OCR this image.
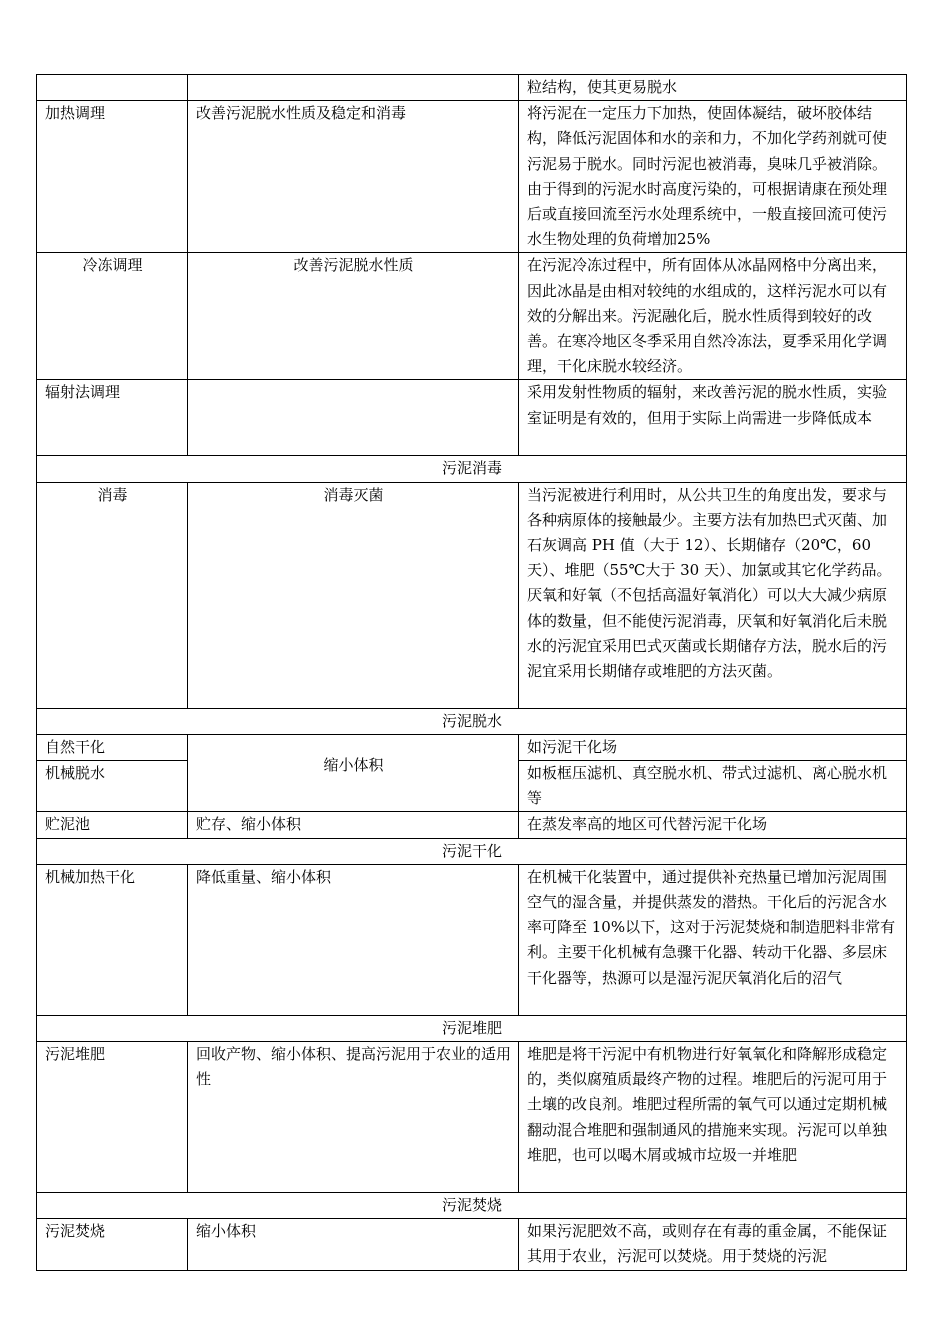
		粒结构，使其更易脱水
加热调理	改善污泥脱水性质及稳定和消毒	将污泥在一定压力下加热，使固体凝结，破坏胶体结构，降低污泥固体和水的亲和力，不加化学药剂就可使污泥易于脱水。同时污泥也被消毒，臭味几乎被消除。由于得到的污泥水时高度污染的，可根据请康在预处理后或直接回流至污水处理系统中，一般直接回流可使污水生物处理的负荷增加25%
冷冻调理	改善污泥脱水性质	在污泥冷冻过程中，所有固体从冰晶网格中分离出来，因此冰晶是由相对较纯的水组成的，这样污泥水可以有效的分解出来。污泥融化后，脱水性质得到较好的改善。在寒冷地区冬季采用自然冷冻法，夏季采用化学调理，干化床脱水较经济。
辐射法调理		采用发射性物质的辐射，来改善污泥的脱水性质，实验室证明是有效的，但用于实际上尚需进一步降低成本
污泥消毒		
消毒	消毒灭菌	当污泥被进行利用时，从公共卫生的角度出发，要求与各种病原体的接触最少。主要方法有加热巴式灭菌、加石灰调高 PH 值（大于 12）、长期储存（20℃，60 天）、堆肥（55℃大于 30 天）、加氯或其它化学药品。厌氧和好氧（不包括高温好氧消化）可以大大减少病原体的数量，但不能使污泥消毒，厌氧和好氧消化后未脱水的污泥宜采用巴式灭菌或长期储存方法，脱水后的污泥宜采用长期储存或堆肥的方法灭菌。
污泥脱水		
自然干化	缩小体积	如污泥干化场
机械脱水		如板框压滤机、真空脱水机、带式过滤机、离心脱水机等
贮泥池	贮存、缩小体积	在蒸发率高的地区可代替污泥干化场
污泥干化		
机械加热干化	降低重量、缩小体积	在机械干化装置中，通过提供补充热量已增加污泥周围空气的湿含量，并提供蒸发的潜热。干化后的污泥含水率可降至 10%以下，这对于污泥焚烧和制造肥料非常有利。主要干化机械有急骤干化器、转动干化器、多层床干化器等，热源可以是湿污泥厌氧消化后的沼气
污泥堆肥		
污泥堆肥	回收产物、缩小体积、提高污泥用于农业的适用性	堆肥是将干污泥中有机物进行好氧氧化和降解形成稳定的，类似腐殖质最终产物的过程。堆肥后的污泥可用于土壤的改良剂。堆肥过程所需的氧气可以通过定期机械翻动混合堆肥和强制通风的措施来实现。污泥可以单独堆肥，也可以喝木屑或城市垃圾一并堆肥
污泥焚烧		
污泥焚烧	缩小体积	如果污泥肥效不高，或则存在有毒的重金属，不能保证其用于农业，污泥可以焚烧。用于焚烧的污泥
